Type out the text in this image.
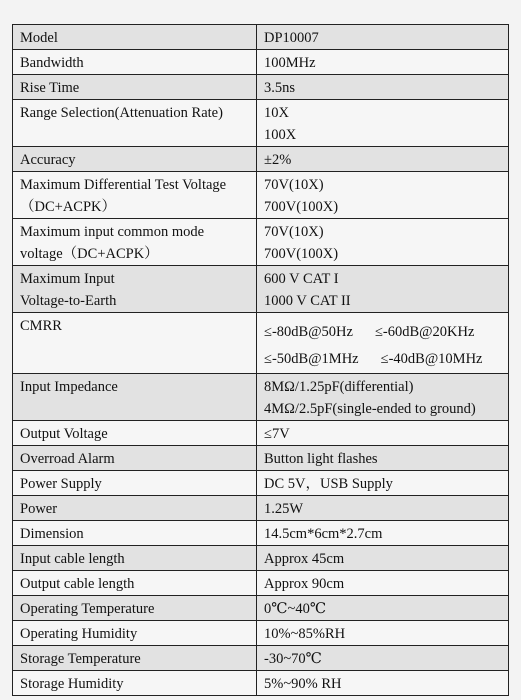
Model	DP10007

Bandwidth	100MHz

Rise Time	3.5ns

Range Selection(Attenuation Rate)	10X
100X

Accuracy	±2%

Maximum Differential Test Voltage
（DC+ACPK）	70V(10X)
700V(100X)

Maximum input common mode
voltage（DC+ACPK）	70V(10X)
700V(100X)

Maximum Input
Voltage-to-Earth	600 V CAT I
1000 V CAT II

CMRR	≤-80dB@50Hz ≤-60dB@20KHz
≤-50dB@1MHz ≤-40dB@10MHz

Input Impedance	8MΩ/1.25pF(differential)
4MΩ/2.5pF(single-ended to ground)

Output Voltage	≤7V

Overroad Alarm	Button light flashes

Power Supply	DC 5V，USB Supply

Power	1.25W

Dimension	14.5cm*6cm*2.7cm

Input cable length	Approx 45cm

Output cable length	Approx 90cm

Operating Temperature	0℃~40℃

Operating Humidity	10%~85%RH

Storage Temperature	-30~70℃

Storage Humidity	5%~90% RH
